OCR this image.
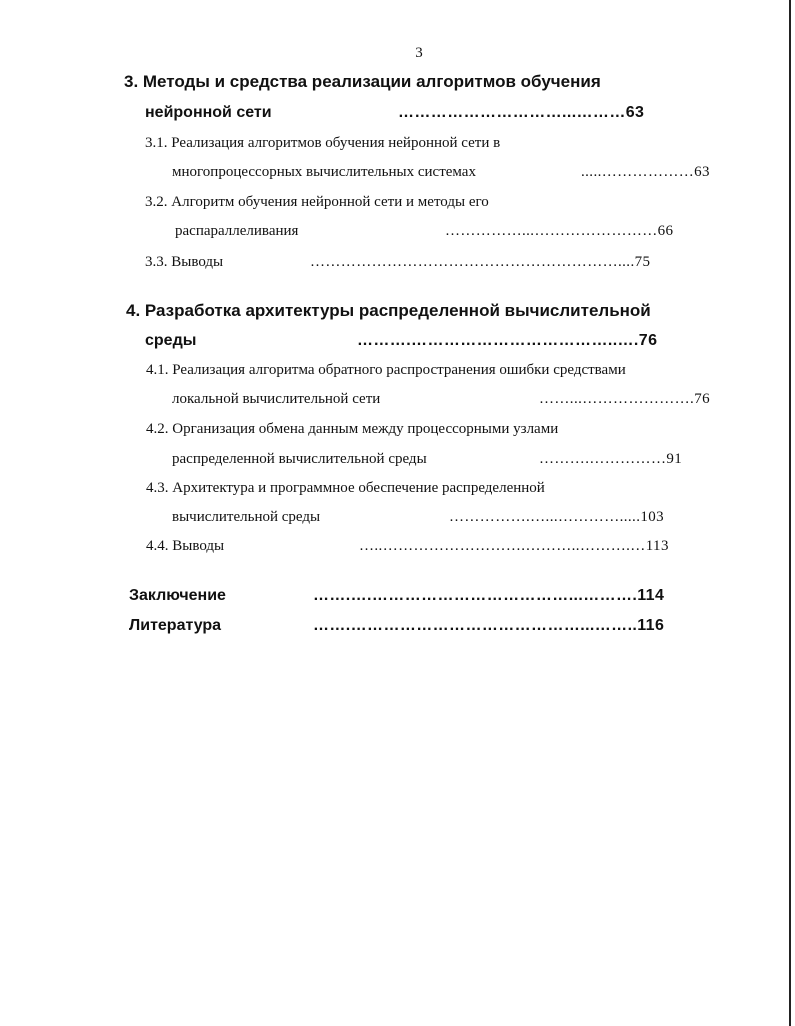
3
3. Методы и средства реализации алгоритмов обучения
нейронной сети	…………………………...………63
3.1. Реализация алгоритмов обучения нейронной сети в
многопроцессорных вычислительных системах	.....………………63
3.2. Алгоритм обучения нейронной сети и методы его
распараллеливания	……………...……………………66
3.3. Выводы	……………………………………………………....75
4. Разработка архитектуры распределенной вычислительной
среды	……….………………………………..….76
4.1. Реализация алгоритма обратного распространения ошибки средствами
локальной вычислительной сети	……...………………….76
4.2. Организация обмена данным между процессорными узлами
распределенной вычислительной среды	……….……………91
4.3. Архитектура и программное обеспечение распределенной
вычислительной среды	…………….…...………….....103
4.4. Выводы	…..……………………….………..……….…113
Заключение	…….….………………………………...……….114
Литература	…….……………………………………...……..116
